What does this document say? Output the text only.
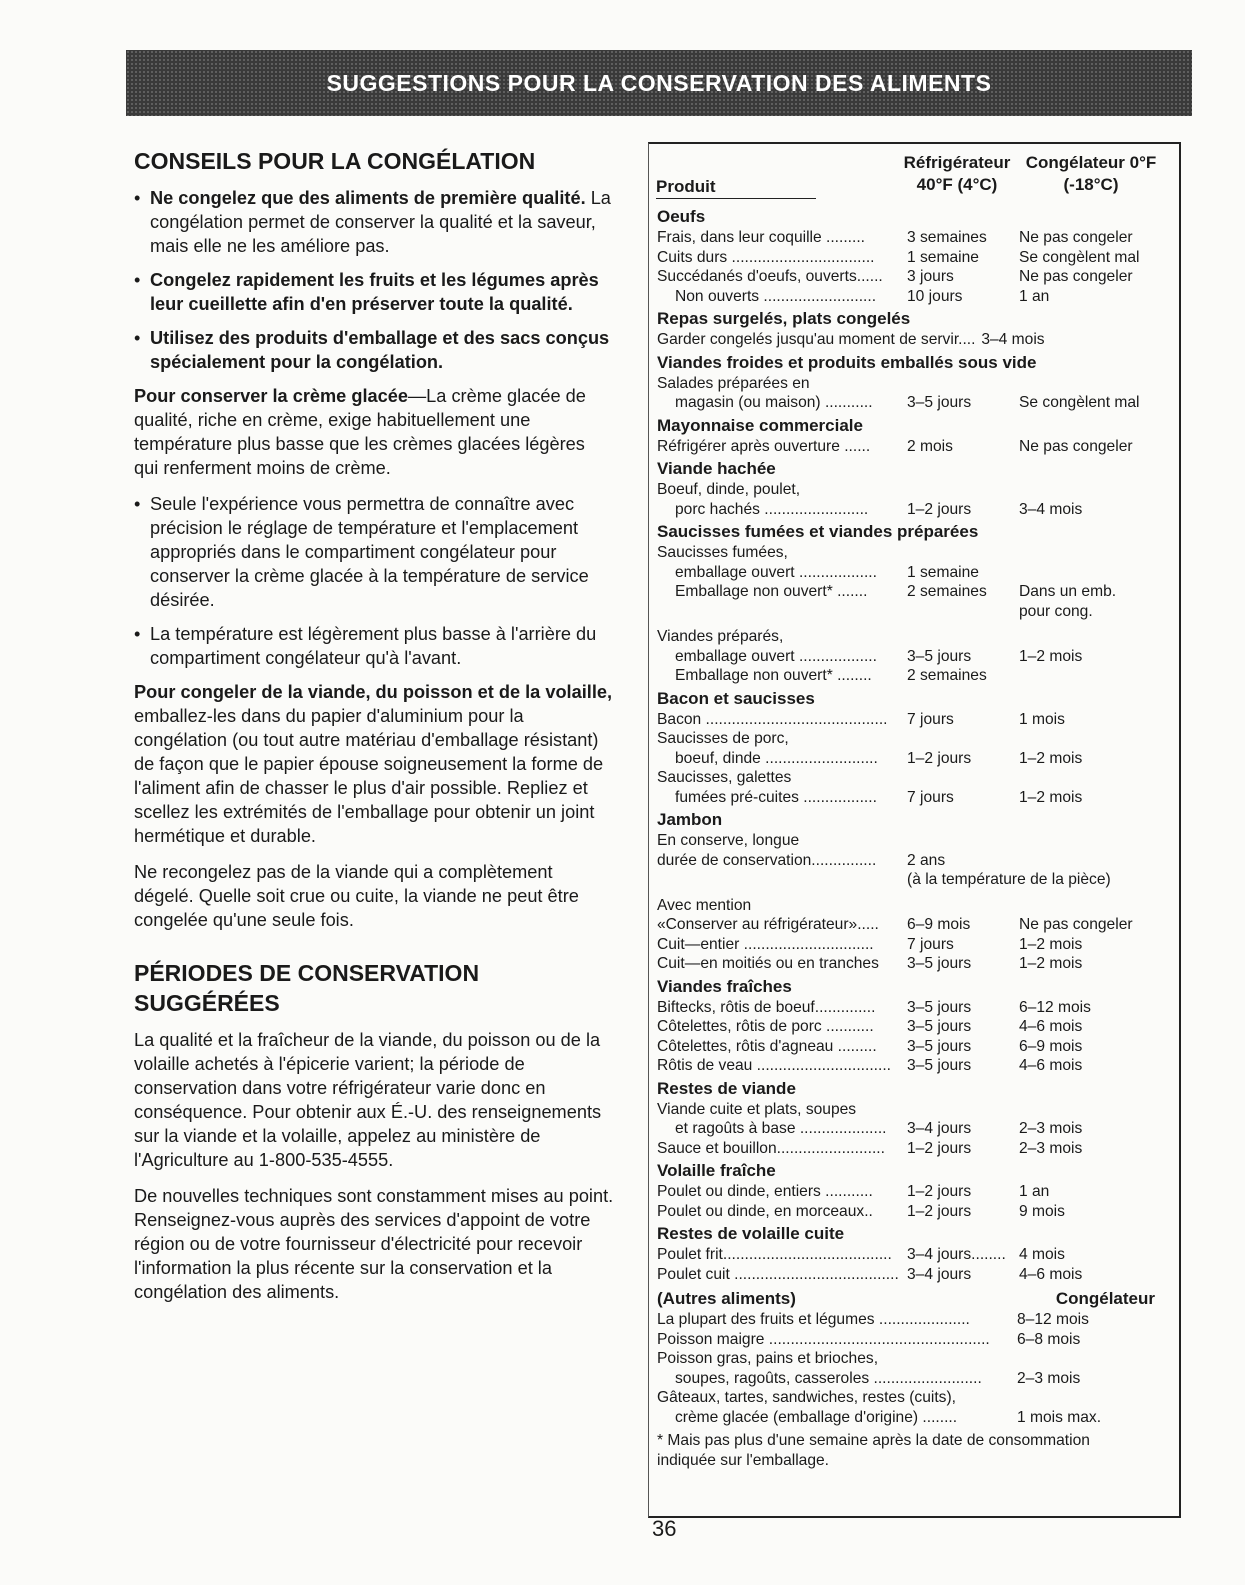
SUGGESTIONS POUR LA CONSERVATION DES ALIMENTS
CONSEILS POUR LA CONGÉLATION
• Ne congelez que des aliments de première qualité. La congélation permet de conserver la qualité et la saveur, mais elle ne les améliore pas.
• Congelez rapidement les fruits et les légumes après leur cueillette afin d'en préserver toute la qualité.
• Utilisez des produits d'emballage et des sacs conçus spécialement pour la congélation.

Pour conserver la crème glacée—La crème glacée de qualité, riche en crème, exige habituellement une température plus basse que les crèmes glacées légères qui renferment moins de crème.

• Seule l'expérience vous permettra de connaître avec précision le réglage de température et l'emplacement appropriés dans le compartiment congélateur pour conserver la crème glacée à la température de service désirée.
• La température est légèrement plus basse à l'arrière du compartiment congélateur qu'à l'avant.

Pour congeler de la viande, du poisson et de la volaille, emballez-les dans du papier d'aluminium pour la congélation (ou tout autre matériau d'emballage résistant) de façon que le papier épouse soigneusement la forme de l'aliment afin de chasser le plus d'air possible. Repliez et scellez les extrémités de l'emballage pour obtenir un joint hermétique et durable.

Ne recongelez pas de la viande qui a complètement dégelé. Quelle soit crue ou cuite, la viande ne peut être congelée qu'une seule fois.

PÉRIODES DE CONSERVATION SUGGÉRÉES

La qualité et la fraîcheur de la viande, du poisson ou de la volaille achetés à l'épicerie varient; la période de conservation dans votre réfrigérateur varie donc en conséquence. Pour obtenir aux É.-U. des renseignements sur la viande et la volaille, appelez au ministère de l'Agriculture au 1-800-535-4555.

De nouvelles techniques sont constamment mises au point. Renseignez-vous auprès des services d'appoint de votre région ou de votre fournisseur d'électricité pour recevoir l'information la plus récente sur la conservation et la congélation des aliments.

Produit
Réfrigérateur 40°F (4°C)
Congélateur 0°F (-18°C)
Oeufs
Frais, dans leur coquille .........	3 semaines	Ne pas congeler
Cuits durs .................................	1 semaine	Se congèlent mal
Succédanés d'oeufs, ouverts......	3 jours	Ne pas congeler
Non ouverts ..........................	10 jours	1 an
Repas surgelés, plats congelés
Garder congelés jusqu'au moment de servir.... 3–4 mois
Viandes froides et produits emballés sous vide
Salades préparées en
magasin (ou maison) ...........	3–5 jours	Se congèlent mal
Mayonnaise commerciale
Réfrigérer après ouverture ......	2 mois	Ne pas congeler
Viande hachée
Boeuf, dinde, poulet,
porc hachés ........................	1–2 jours	3–4 mois
Saucisses fumées et viandes préparées
Saucisses fumées,
emballage ouvert ..................	1 semaine
Emballage non ouvert* .......	2 semaines	Dans un emb.
pour cong.
Viandes préparés,
emballage ouvert ..................	3–5 jours	1–2 mois
Emballage non ouvert* ........	2 semaines
Bacon et saucisses
Bacon ..........................................	7 jours	1 mois
Saucisses de porc,
boeuf, dinde ..........................	1–2 jours	1–2 mois
Saucisses, galettes
fumées pré-cuites .................	7 jours	1–2 mois
Jambon
En conserve, longue
durée de conservation...............	2 ans
(à la température de la pièce)
Avec mention
«Conserver au réfrigérateur».....	6–9 mois	Ne pas congeler
Cuit—entier ..............................	7 jours	1–2 mois
Cuit—en moitiés ou en tranches	3–5 jours	1–2 mois
Viandes fraîches
Biftecks, rôtis de boeuf..............	3–5 jours	6–12 mois
Côtelettes, rôtis de porc ...........	3–5 jours	4–6 mois
Côtelettes, rôtis d'agneau .........	3–5 jours	6–9 mois
Rôtis de veau ...............................	3–5 jours	4–6 mois
Restes de viande
Viande cuite et plats, soupes
et ragoûts à base ....................	3–4 jours	2–3 mois
Sauce et bouillon.........................	1–2 jours	2–3 mois
Volaille fraîche
Poulet ou dinde, entiers ...........	1–2 jours	1 an
Poulet ou dinde, en morceaux..	1–2 jours	9 mois
Restes de volaille cuite
Poulet frit....................................... 3–4 jours........ 4 mois
Poulet cuit ...................................... 3–4 jours	4–6 mois
(Autres aliments)	Congélateur
La plupart des fruits et légumes .....................	8–12 mois
Poisson maigre ...................................................	6–8 mois
Poisson gras, pains et brioches,
soupes, ragoûts, casseroles .........................	2–3 mois
Gâteaux, tartes, sandwiches, restes (cuits),
crème glacée (emballage d'origine) ........	1 mois max.
* Mais pas plus d'une semaine après la date de consommation indiquée sur l'emballage.
36
